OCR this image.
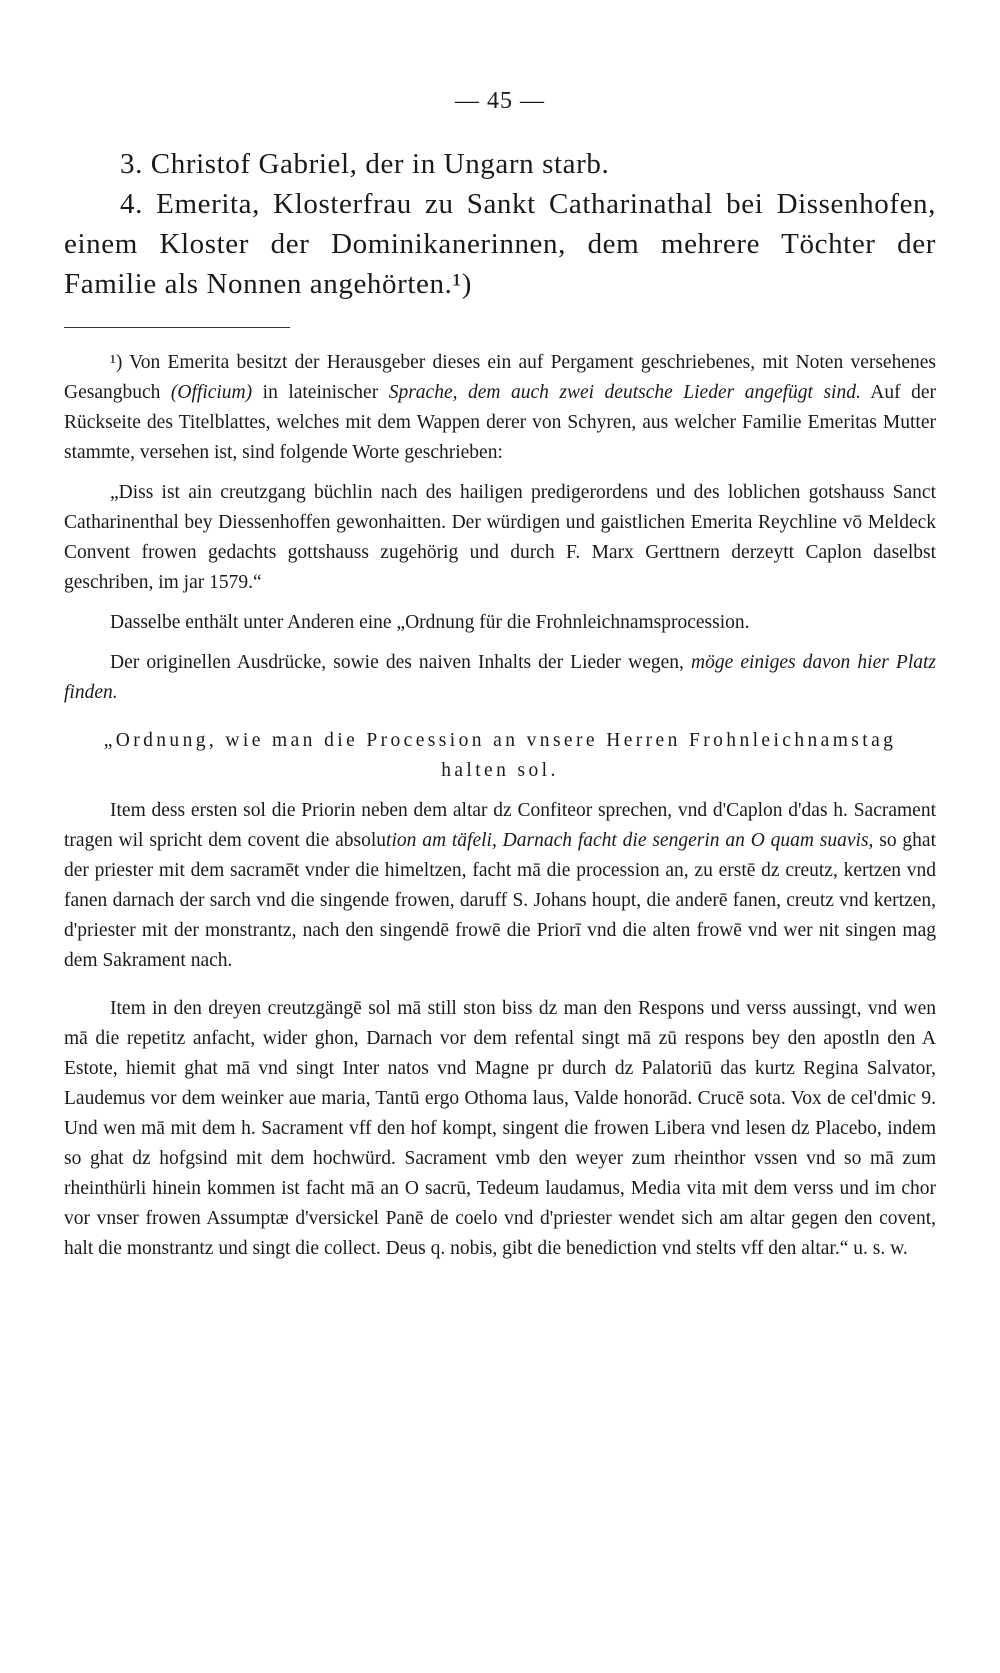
— 45 —

3. Christof Gabriel, der in Ungarn starb.

4. Emerita, Klosterfrau zu Sankt Catharinathal bei Dissenhofen, einem Kloster der Dominikanerinnen, dem mehrere Töchter der Familie als Nonnen angehörten.¹)

¹) Von Emerita besitzt der Herausgeber dieses ein auf Pergament geschriebenes, mit Noten versehenes Gesangbuch (Officium) in lateinischer Sprache, dem auch zwei deutsche Lieder angefügt sind. Auf der Rückseite des Titelblattes, welches mit dem Wappen derer von Schyren, aus welcher Familie Emeritas Mutter stammte, versehen ist, sind folgende Worte geschrieben:

„Diss ist ain creutzgang büchlin nach des hailigen predigerordens und des loblichen gotshauss Sanct Catharinenthal bey Diessenhoffen gewonhaitten. Der würdigen und gaistlichen Emerita Reychline vō Meldeck Convent frowen gedachts gottshauss zugehörig und durch F. Marx Gerttnern derzeytt Caplon daselbst geschriben, im jar 1579.“

Dasselbe enthält unter Anderen eine „Ordnung für die Frohnleichnamsprocession.

Der originellen Ausdrücke, sowie des naiven Inhalts der Lieder wegen, möge einiges davon hier Platz finden.

„Ordnung, wie man die Procession an vnsere Herren Frohnleichnamstag halten sol.

Item dess ersten sol die Priorin neben dem altar dz Confiteor sprechen, vnd d'Caplon d'das h. Sacrament tragen wil spricht dem covent die absolution am täfeli, Darnach facht die sengerin an O quam suavis, so ghat der priester mit dem sacramēt vnder die himeltzen, facht mā die procession an, zu erstē dz creutz, kertzen vnd fanen darnach der sarch vnd die singende frowen, daruff S. Johans houpt, die anderē fanen, creutz vnd kertzen, d'priester mit der monstrantz, nach den singendē frowē die Priorī vnd die alten frowē vnd wer nit singen mag dem Sakrament nach.

Item in den dreyen creutzgängē sol mā still ston biss dz man den Respons und verss aussingt, vnd wen mā die repetitz anfacht, wider ghon, Darnach vor dem refental singt mā zū respons bey den apostln den A Estote, hiemit ghat mā vnd singt Inter natos vnd Magne pr durch dz Palatoriū das kurtz Regina Salvator, Laudemus vor dem weinker aue maria, Tantū ergo Othoma laus, Valde honorād. Crucē sota. Vox de cel'dmic 9. Und wen mā mit dem h. Sacrament vff den hof kompt, singent die frowen Libera vnd lesen dz Placebo, indem so ghat dz hofgsind mit dem hochwürd. Sacrament vmb den weyer zum rheinthor vssen vnd so mā zum rheinthürli hinein kommen ist facht mā an O sacrū, Tedeum laudamus, Media vita mit dem verss und im chor vor vnser frowen Assumptæ d'versickel Panē de coelo vnd d'priester wendet sich am altar gegen den covent, halt die monstrantz und singt die collect. Deus q. nobis, gibt die benediction vnd stelts vff den altar.“ u. s. w.
